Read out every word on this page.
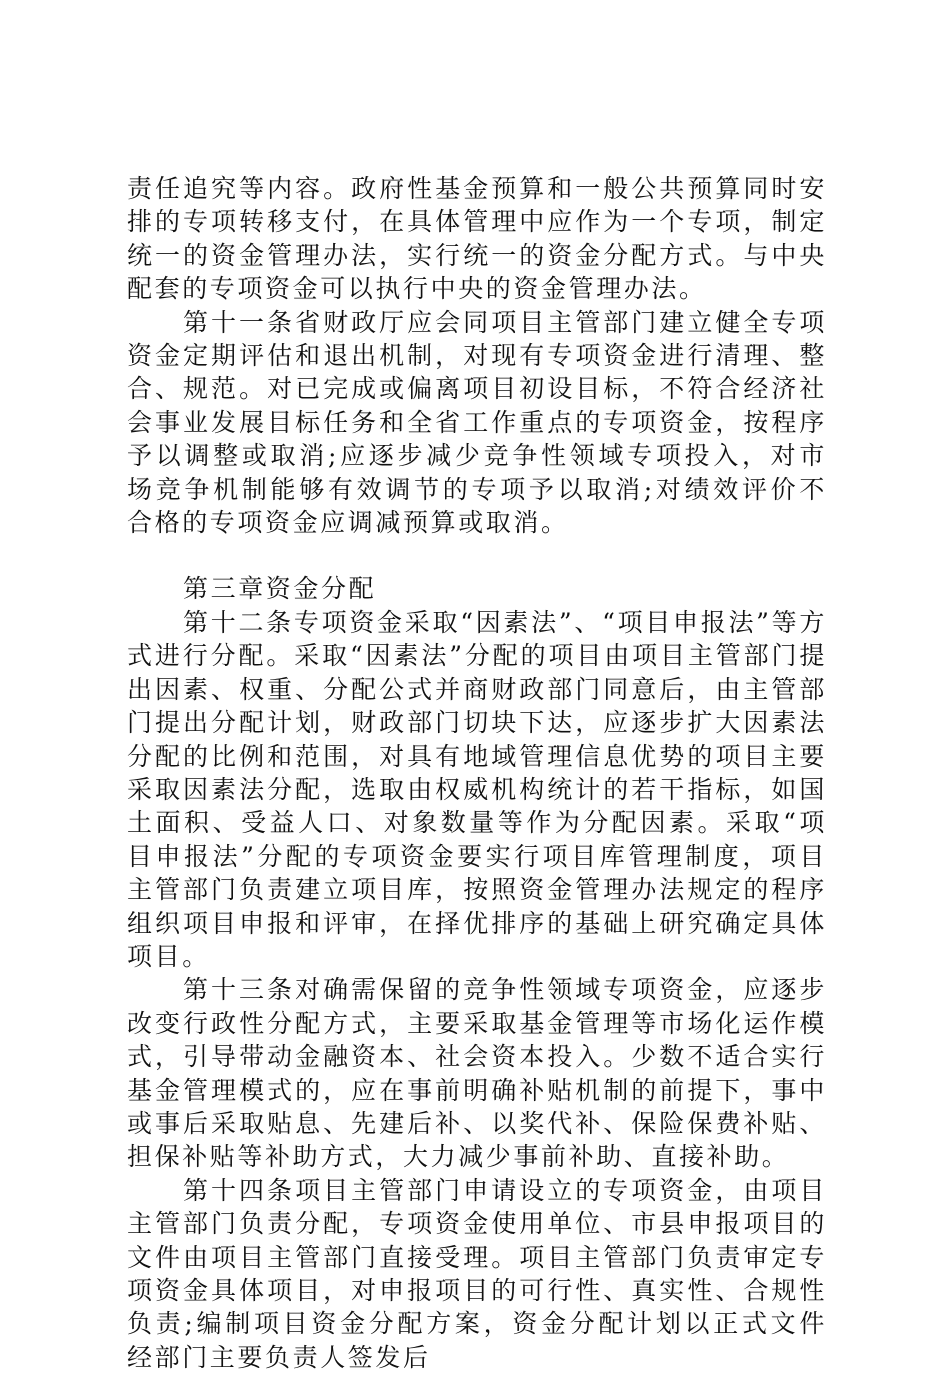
责任追究等内容。政府性基金预算和一般公共预算同时安排的专项转移支付，在具体管理中应作为一个专项，制定统一的资金管理办法，实行统一的资金分配方式。与中央配套的专项资金可以执行中央的资金管理办法。

第十一条省财政厅应会同项目主管部门建立健全专项资金定期评估和退出机制，对现有专项资金进行清理、整合、规范。对已完成或偏离项目初设目标，不符合经济社会事业发展目标任务和全省工作重点的专项资金，按程序予以调整或取消;应逐步减少竞争性领域专项投入，对市场竞争机制能够有效调节的专项予以取消;对绩效评价不合格的专项资金应调减预算或取消。

第三章资金分配

第十二条专项资金采取“因素法”、“项目申报法”等方式进行分配。采取“因素法”分配的项目由项目主管部门提出因素、权重、分配公式并商财政部门同意后，由主管部门提出分配计划，财政部门切块下达，应逐步扩大因素法分配的比例和范围，对具有地域管理信息优势的项目主要采取因素法分配，选取由权威机构统计的若干指标，如国土面积、受益人口、对象数量等作为分配因素。采取“项目申报法”分配的专项资金要实行项目库管理制度，项目主管部门负责建立项目库，按照资金管理办法规定的程序组织项目申报和评审，在择优排序的基础上研究确定具体项目。

第十三条对确需保留的竞争性领域专项资金，应逐步改变行政性分配方式，主要采取基金管理等市场化运作模式，引导带动金融资本、社会资本投入。少数不适合实行基金管理模式的，应在事前明确补贴机制的前提下，事中或事后采取贴息、先建后补、以奖代补、保险保费补贴、担保补贴等补助方式，大力减少事前补助、直接补助。

第十四条项目主管部门申请设立的专项资金，由项目主管部门负责分配，专项资金使用单位、市县申报项目的文件由项目主管部门直接受理。项目主管部门负责审定专项资金具体项目，对申报项目的可行性、真实性、合规性负责;编制项目资金分配方案，资金分配计划以正式文件经部门主要负责人签发后
